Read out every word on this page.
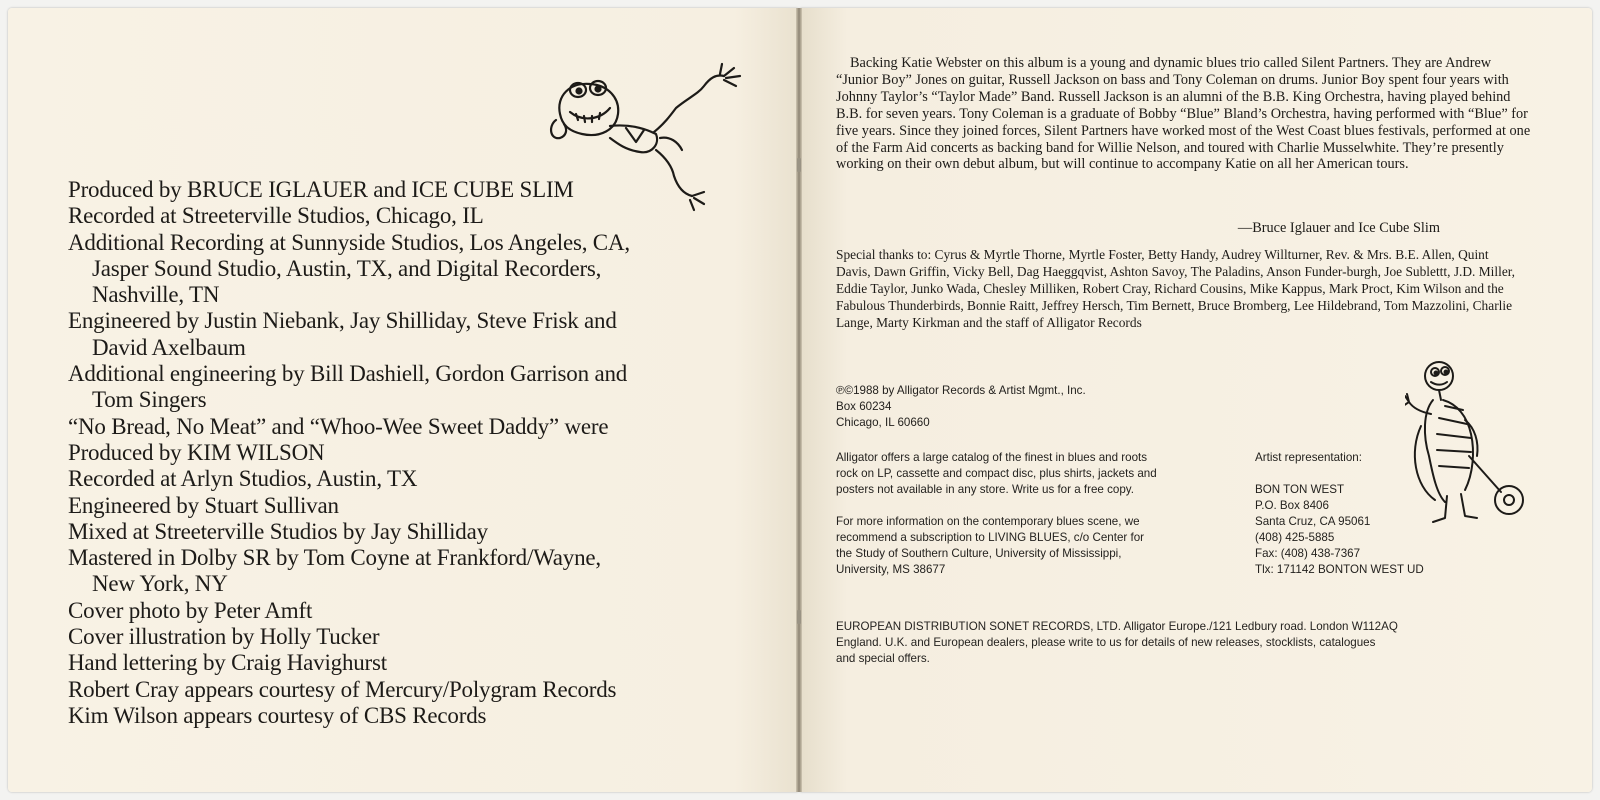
Produced by BRUCE IGLAUER and ICE CUBE SLIM
Recorded at Streeterville Studios, Chicago, IL
Additional Recording at Sunnyside Studios, Los Angeles, CA,
Jasper Sound Studio, Austin, TX, and Digital Recorders,
Nashville, TN
Engineered by Justin Niebank, Jay Shilliday, Steve Frisk and
David Axelbaum
Additional engineering by Bill Dashiell, Gordon Garrison and
Tom Singers
“No Bread, No Meat” and “Whoo-Wee Sweet Daddy” were
Produced by KIM WILSON
Recorded at Arlyn Studios, Austin, TX
Engineered by Stuart Sullivan
Mixed at Streeterville Studios by Jay Shilliday
Mastered in Dolby SR by Tom Coyne at Frankford/Wayne,
New York, NY
Cover photo by Peter Amft
Cover illustration by Holly Tucker
Hand lettering by Craig Havighurst
Robert Cray appears courtesy of Mercury/Polygram Records
Kim Wilson appears courtesy of CBS Records

Backing Katie Webster on this album is a young and dynamic blues trio called Silent Partners. They are Andrew “Junior Boy” Jones on guitar, Russell Jackson on bass and Tony Coleman on drums. Junior Boy spent four years with Johnny Taylor’s “Taylor Made” Band. Russell Jackson is an alumni of the B.B. King Orchestra, having played behind B.B. for seven years. Tony Coleman is a graduate of Bobby “Blue” Bland’s Orchestra, having performed with “Blue” for five years. Since they joined forces, Silent Partners have worked most of the West Coast blues festivals, performed at one of the Farm Aid concerts as backing band for Willie Nelson, and toured with Charlie Musselwhite. They’re presently working on their own debut album, but will continue to accompany Katie on all her American tours.

—Bruce Iglauer and Ice Cube Slim
Special thanks to: Cyrus & Myrtle Thorne, Myrtle Foster, Betty Handy, Audrey Willturner, Rev. & Mrs. B.E. Allen, Quint Davis, Dawn Griffin, Vicky Bell, Dag Haeggqvist, Ashton Savoy, The Paladins, Anson Funder-burgh, Joe Sublettt, J.D. Miller, Eddie Taylor, Junko Wada, Chesley Milliken, Robert Cray, Richard Cousins, Mike Kappus, Mark Proct, Kim Wilson and the Fabulous Thunderbirds, Bonnie Raitt, Jeffrey Hersch, Tim Bernett, Bruce Bromberg, Lee Hildebrand, Tom Mazzolini, Charlie Lange, Marty Kirkman and the staff of Alligator Records
℗©1988 by Alligator Records & Artist Mgmt., Inc.
Box 60234
Chicago, IL 60660
Alligator offers a large catalog of the finest in blues and roots
rock on LP, cassette and compact disc, plus shirts, jackets and
posters not available in any store. Write us for a free copy.
For more information on the contemporary blues scene, we
recommend a subscription to LIVING BLUES, c/o Center for
the Study of Southern Culture, University of Mississippi,
University, MS 38677
Artist representation:
BON TON WEST
P.O. Box 8406
Santa Cruz, CA 95061
(408) 425-5885
Fax: (408) 438-7367
Tlx: 171142 BONTON WEST UD
EUROPEAN DISTRIBUTION SONET RECORDS, LTD. Alligator Europe./121 Ledbury road. London W112AQ
England. U.K. and European dealers, please write to us for details of new releases, stocklists, catalogues
and special offers.
